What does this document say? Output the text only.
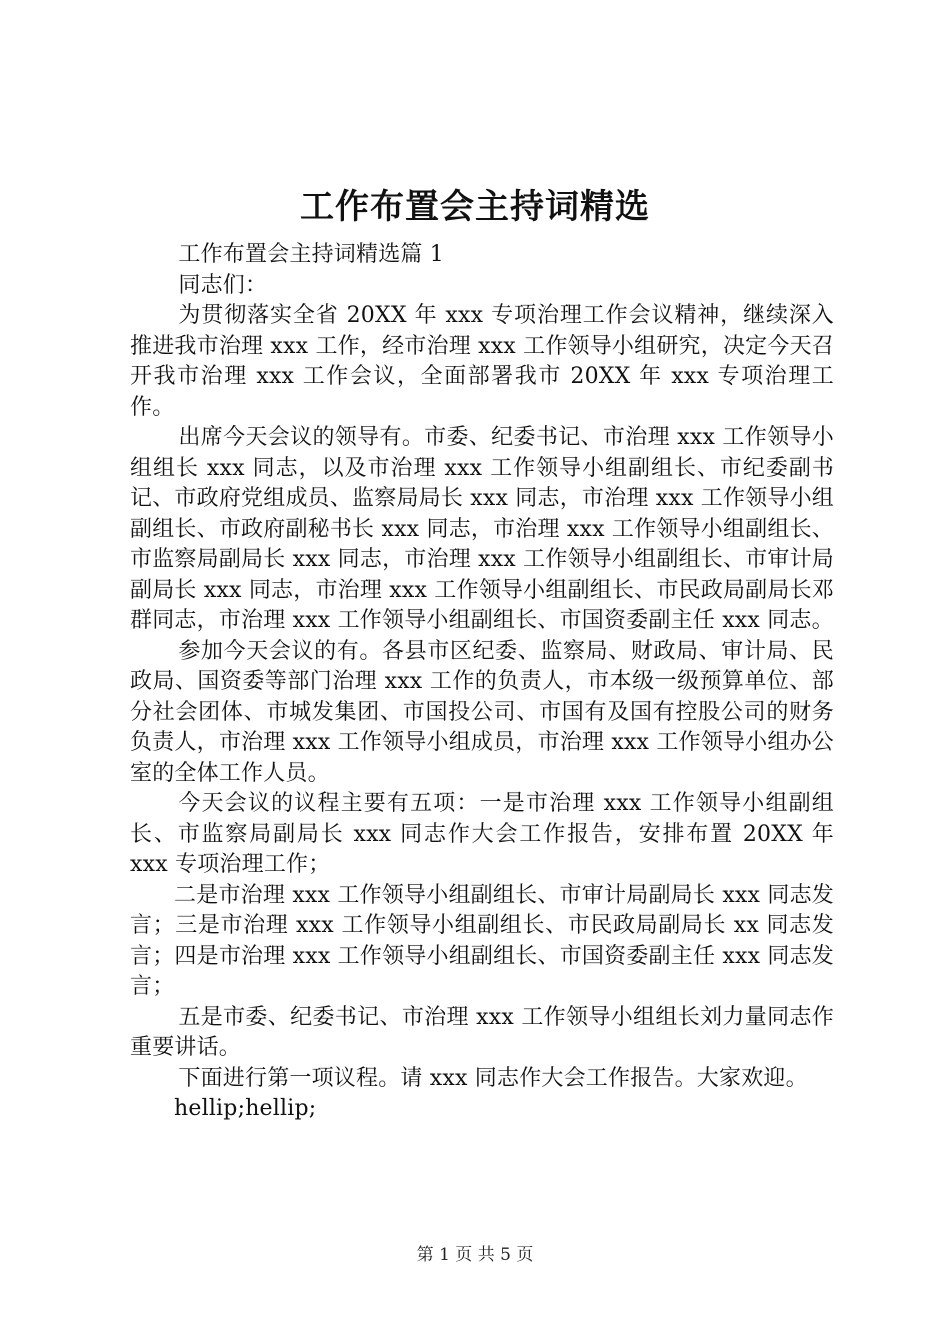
工作布置会主持词精选

工作布置会主持词精选篇 1

同志们：

为贯彻落实全省 20XX 年 xxx 专项治理工作会议精神，继续深入推进我市治理 xxx 工作，经市治理 xxx 工作领导小组研究，决定今天召开我市治理 xxx 工作会议，全面部署我市 20XX 年 xxx 专项治理工作。

出席今天会议的领导有。市委、纪委书记、市治理 xxx 工作领导小组组长 xxx 同志，以及市治理 xxx 工作领导小组副组长、市纪委副书记、市政府党组成员、监察局局长 xxx 同志，市治理 xxx 工作领导小组副组长、市政府副秘书长 xxx 同志，市治理 xxx 工作领导小组副组长、市监察局副局长 xxx 同志，市治理 xxx 工作领导小组副组长、市审计局副局长 xxx 同志，市治理 xxx 工作领导小组副组长、市民政局副局长邓群同志，市治理 xxx 工作领导小组副组长、市国资委副主任 xxx 同志。

参加今天会议的有。各县市区纪委、监察局、财政局、审计局、民政局、国资委等部门治理 xxx 工作的负责人，市本级一级预算单位、部分社会团体、市城发集团、市国投公司、市国有及国有控股公司的财务负责人，市治理 xxx 工作领导小组成员，市治理 xxx 工作领导小组办公室的全体工作人员。

今天会议的议程主要有五项：一是市治理 xxx 工作领导小组副组长、市监察局副局长 xxx 同志作大会工作报告，安排布置 20XX 年 xxx 专项治理工作；

二是市治理 xxx 工作领导小组副组长、市审计局副局长 xxx 同志发言；三是市治理 xxx 工作领导小组副组长、市民政局副局长 xx 同志发言；四是市治理 xxx 工作领导小组副组长、市国资委副主任 xxx 同志发言；

五是市委、纪委书记、市治理 xxx 工作领导小组组长刘力量同志作重要讲话。

下面进行第一项议程。请 xxx 同志作大会工作报告。大家欢迎。

hellip;hellip;

第 1 页 共 5 页
